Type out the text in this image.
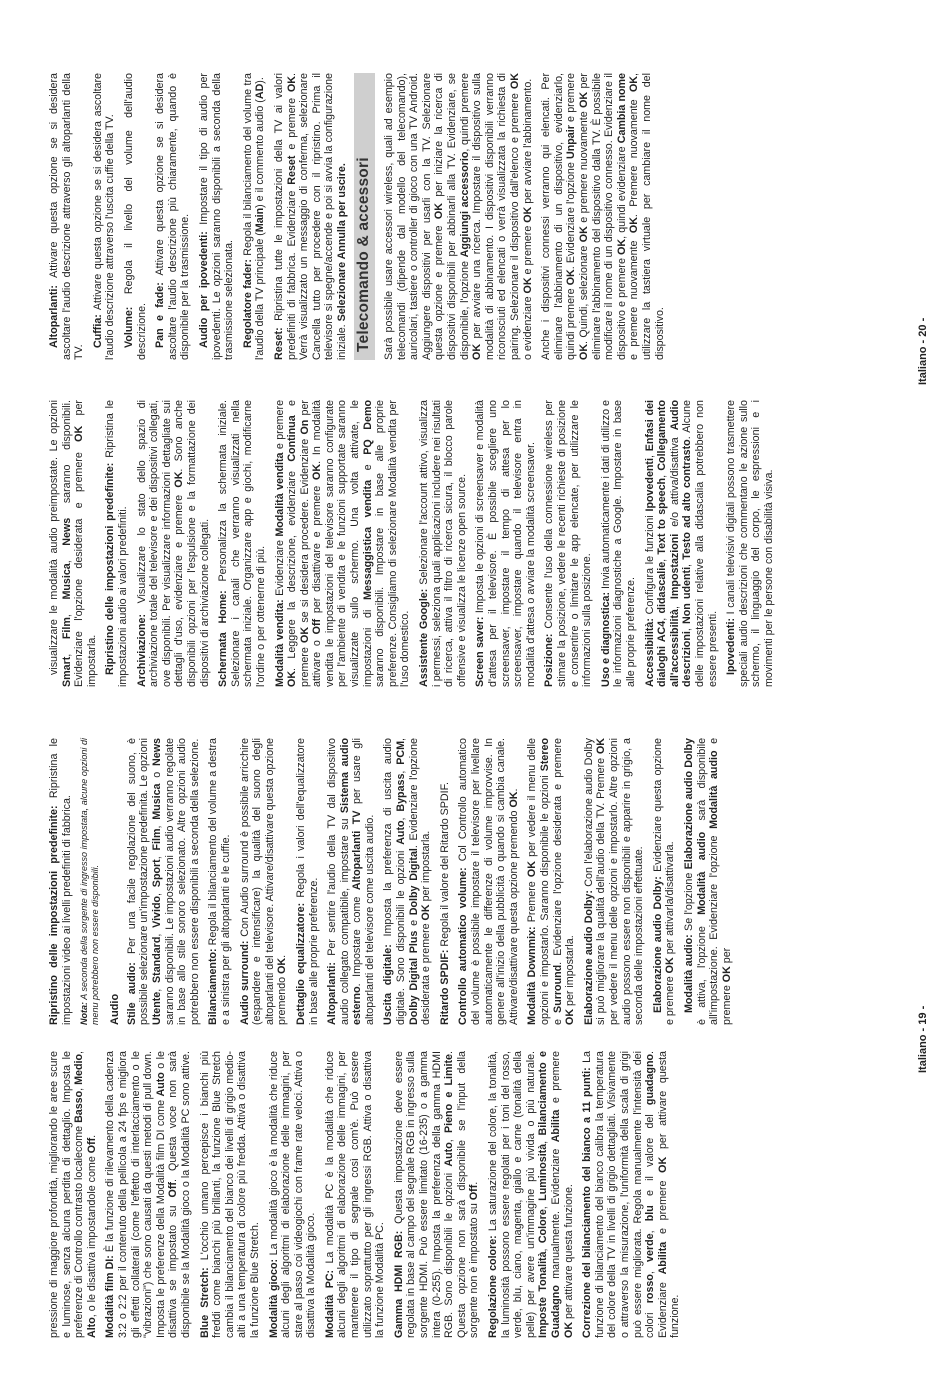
pressione di maggiore profondità, migliorando le aree scure e luminose, senza alcuna perdita di dettaglio. Imposta le preferenze di Controllo contrasto localecome Basso, Medio, Alto, o le disattiva impostandole come Off.

Modalità film DI: È la funzione di rilevamento della cadenza 3:2 o 2:2 per il contenuto della pellicola a 24 fps e migliora gli effetti collaterali (come l'effetto di interlacciamento o le "vibrazioni") che sono causati da questi metodi di pull down. Imposta le preferenze della Modalità film DI come Auto o le disattiva se impostato su Off. Questa voce non sarà disponibile se la Modalità gioco o la Modalità PC sono attive. Blue Stretch: L'occhio umano percepisce i bianchi più freddi come bianchi più brillanti, la funzione Blue Stretch cambia il bilanciamento del bianco dei livelli di grigio medio-alti a una temperatura di colore più fredda. Attiva o disattiva la funzione Blue Stretch. Modalità gioco: La modalità gioco è la modalità che riduce alcuni degli algoritmi di elaborazione delle immagini, per stare al passo coi videogiochi con frame rate veloci. Attiva o disattiva la Modalità gioco. Modalità PC: La modalità PC è la modalità che riduce alcuni degli algoritmi di elaborazione delle immagini, per mantenere il tipo di segnale così com'è. Può essere utilizzato soprattutto per gli ingressi RGB. Attiva o disattiva la funzione Modalità PC. Gamma HDMI RGB: Questa impostazione deve essere regolata in base al campo del segnale RGB in ingresso sulla sorgente HDMI. Può essere limitato (16-235) o a gamma intera (0-255). Imposta la preferenza della gamma HDMI RGB. Sono disponibili le opzioni Auto, Pieno e Limite. Questa opzione non sarà disponibile se l'input della sorgente non è impostato su Off.

Regolazione colore: La saturazione del colore, la tonalità, la luminosità possono essere regolati per i toni del rosso, verde, blu, ciano, magenta, giallo e carne (tonalità della pelle) per avere un'immagine più vivida o più naturale. Imposte Tonalità, Colore, Luminosità, Bilanciamento e Guadagno manualmente. Evidenziare Abilita e premere OK per attivare questa funzione. Correzione del bilanciamento del bianco a 11 punti: La funzione di bilanciamento del bianco calibra la temperatura del colore della TV in livelli di grigio dettagliati. Visivamente o attraverso la misurazione, l'uniformità della scala di grigi può essere migliorata. Regola manualmente l'intensità dei colori rosso, verde, blu e il valore del guadagno. Evidenziare Abilita e premere OK per attivare questa funzione.

Ripristino delle impostazioni predefinite: Ripristina le impostazioni video ai livelli predefiniti di fabbrica. Nota: A seconda della sorgente di ingresso impostata, alcune opzioni di menu potrebbero non essere disponibili. Audio Stile audio: Per una facile regolazione del suono, è possibile selezionare un'impostazione predefinita. Le opzioni Utente, Standard, Vivido, Sport, Film, Musica o News saranno disponibili. Le impostazioni audio verranno regolate in base allo stile sonoro selezionato. Altre opzioni audio potrebbero non essere disponibili a seconda della selezione. Bilanciamento: Regola il bilanciamento del volume a destra e a sinistra per gli altoparlanti e le cuffie. Audio surround: Con Audio surround è possibile arricchire (espandere e intensificare) la qualità del suono degli altoparlanti del televisore. Attivare/disattivare questa opzione premendo OK. Dettaglio equalizzatore: Regola i valori dell'equalizzatore in base alle proprie preferenze. Altoparlanti: Per sentire l'audio della TV dal dispositivo audio collegato compatibile, impostare su Sistema audio esterno. Impostare come Altoparlanti TV per usare gli altoparlanti del televisore come uscita audio. Uscita digitale: Imposta la preferenza di uscita audio digitale. Sono disponibili le opzioni Auto, Bypass, PCM, Dolby Digital Plus e Dolby Digital. Evidenziare l'opzione desiderata e premere OK per impostarla.

Ritardo SPDIF: Regola il valore del Ritardo SPDIF. Controllo automatico volume: Col Controllo automatico del volume è possibile impostare il televisore per livellare automaticamente le differenze di volume improvvise. In genere all'inizio della pubblicità o quando si cambia canale. Attivare/disattivare questa opzione premendo OK.

Modalità Downmix: Premere OK per vedere il menu delle opzioni e impostarlo. Saranno disponibile le opzioni Stereo e Surround. Evidenziare l'opzione desiderata e premere OK per impostarla. Elaborazione audio Dolby: Con l'elaborazione audio Dolby si può migliorare la qualità dell'audio della TV. Premere OK per vedere il menu delle opzioni e impostarlo. Altre opzioni audio possono essere non disponibili e apparire in grigio, a seconda delle impostazioni effettuate. Elaborazione audio Dolby: Evidenziare questa opzione e premere OK per attivarla/disattivarla.

Modalità audio: Se l'opzione Elaborazione audio Dolby è attiva, l'opzione Modalità audio sarà disponibile all'impostazione. Evidenziare l'opzione Modalità audio e premere OK per

Italiano - 19 -

visualizzare le modalità audio preimpostate. Le opzioni Smart, Film, Musica, News saranno disponibili. Evidenziare l'opzione desiderata e premere OK per impostarla. Ripristino delle impostazioni predefinite: Ripristina le impostazioni audio ai valori predefiniti. Archiviazione: Visualizzare lo stato dello spazio di archiviazione totale del televisore e dei dispositivi collegati, ove disponibili. Per visualizzare informazioni dettagliate sui dettagli d'uso, evidenziare e premere OK. Sono anche disponibili opzioni per l'espulsione e la formattazione dei dispositivi di archiviazione collegati. Schermata Home: Personalizza la schermata iniziale. Selezionare i canali che verranno visualizzati nella schermata iniziale. Organizzare app e giochi, modificarne l'ordine o per ottenerne di più. Modalità vendita: Evidenziare Modalità vendita e premere OK. Leggere la descrizione, evidenziare Continua e premere OK se si desidera procedere. Evidenziare On per attivare o Off per disattivare e premere OK. In modalità vendita le impostazioni del televisore saranno configurate per l'ambiente di vendita e le funzioni supportate saranno visualizzate sullo schermo. Una volta attivate, le impostazioni di Messaggistica vendita e PQ Demo saranno disponibili. Impostare in base alle proprie preferenze. Consigliamo di selezionare Modalità vendita per l'uso domestico. Assistente Google: Selezionare l'account attivo, visualizza i permessi, seleziona quali applicazioni includere nei risultati di ricerca, attiva il filtro di ricerca sicura, il blocco parole offensive e visualizza le licenze open source. Screen saver: Imposta le opzioni di screensaver e modalità d'attesa per il televisore. È possibile scegliere uno screensaver, impostare il tempo di attesa per lo screensaver, impostare quando il televisore entra in modalità d'attesa o avviare la modalità screensaver. Posizione: Consente l'uso della connessione wireless per stimare la posizione, vedere le recenti richieste di posizione e consentire o limitare le app elencate, per utilizzare le informazioni sulla posizione. Uso e diagnostica: Invia automaticamente i dati di utilizzo e le informazioni diagnostiche a Google. Impostare in base alle proprie preferenze. Accessibilità: Configura le funzioni Ipovedenti, Enfasi dei dialoghi AC4, didascalie, Text to speech, Collegamento all'accessibilità, Impostazioni e/o attiva/disattiva Audio descrizioni, Non udenti, Testo ad alto contrasto. Alcune delle impostazioni relative alla didascalia potrebbero non essere presenti. Ipovedenti: I canali televisivi digitali possono trasmettere speciali audio descrizioni che commentano le azione sullo schermo, il linguaggio del corpo, le espressioni e i movimenti per le persone con disabilità visiva.

Altoparlanti: Attivare questa opzione se si desidera ascoltare l'audio descrizione attraverso gli altoparlanti della TV.

Cuffia: Attivare questa opzione se si desidera ascoltare l'audio descrizione attraverso l'uscita cuffie della TV. Volume: Regola il livello del volume dell'audio descrizione. Pan e fade: Attivare questa opzione se si desidera ascoltare l'audio descrizione più chiaramente, quando è disponibile per la trasmissione. Audio per ipovedenti: Impostare il tipo di audio per ipovedenti. Le opzioni saranno disponibili a seconda della trasmissione selezionata. Regolatore fader: Regola il bilanciamento del volume tra l'audio della TV principale (Main) e il commento audio (AD).

Reset: Ripristina tutte le impostazioni della TV ai valori predefiniti di fabbrica. Evidenziare Reset e premere OK. Verrà visualizzato un messaggio di conferma, selezionare Cancella tutto per procedere con il ripristino. Prima il televisore si spegne/accende e poi si avvia la configurazione iniziale. Selezionare Annulla per uscire. Telecomando & accessori Sarà possibile usare accessori wireless, quali ad esempio telecomandi (dipende dal modello del telecomando), auricolari, tastiere o controller di gioco con una TV Android. Aggiungere dispositivi per usarli con la TV. Selezionare questa opzione e premere OK per iniziare la ricerca di dispositivi disponibili per abbinarli alla TV. Evidenziare, se disponibile, l'opzione Aggiungi accessorio, quindi premere OK per avviare una ricerca. Impostare il dispositivo sulla modalità di abbinamento. I dispositivi disponibili verranno riconosciuti ed elencati o verrà visualizzata la richiesta di pairing. Selezionare il dispositivo dall'elenco e premere OK o evidenziare OK e premere OK per avviare l'abbinamento. Anche i dispositivi connessi verranno qui elencati. Per eliminare l'abbinamento di un dispositivo, evidenziarlo, quindi premere OK. Evidenziare l'opzione Unpair e premere OK. Quindi, selezionare OK e premere nuovamente OK per eliminare l'abbinamento del dispositivo dalla TV. È possibile modificare il nome di un dispositivo connesso. Evidenziare il dispositivo e premere OK, quindi evidenziare Cambia nome e premere nuovamente OK. Premere nuovamente OK, utilizzare la tastiera virtuale per cambiare il nome del dispositivo.	Italiano - 20 -
